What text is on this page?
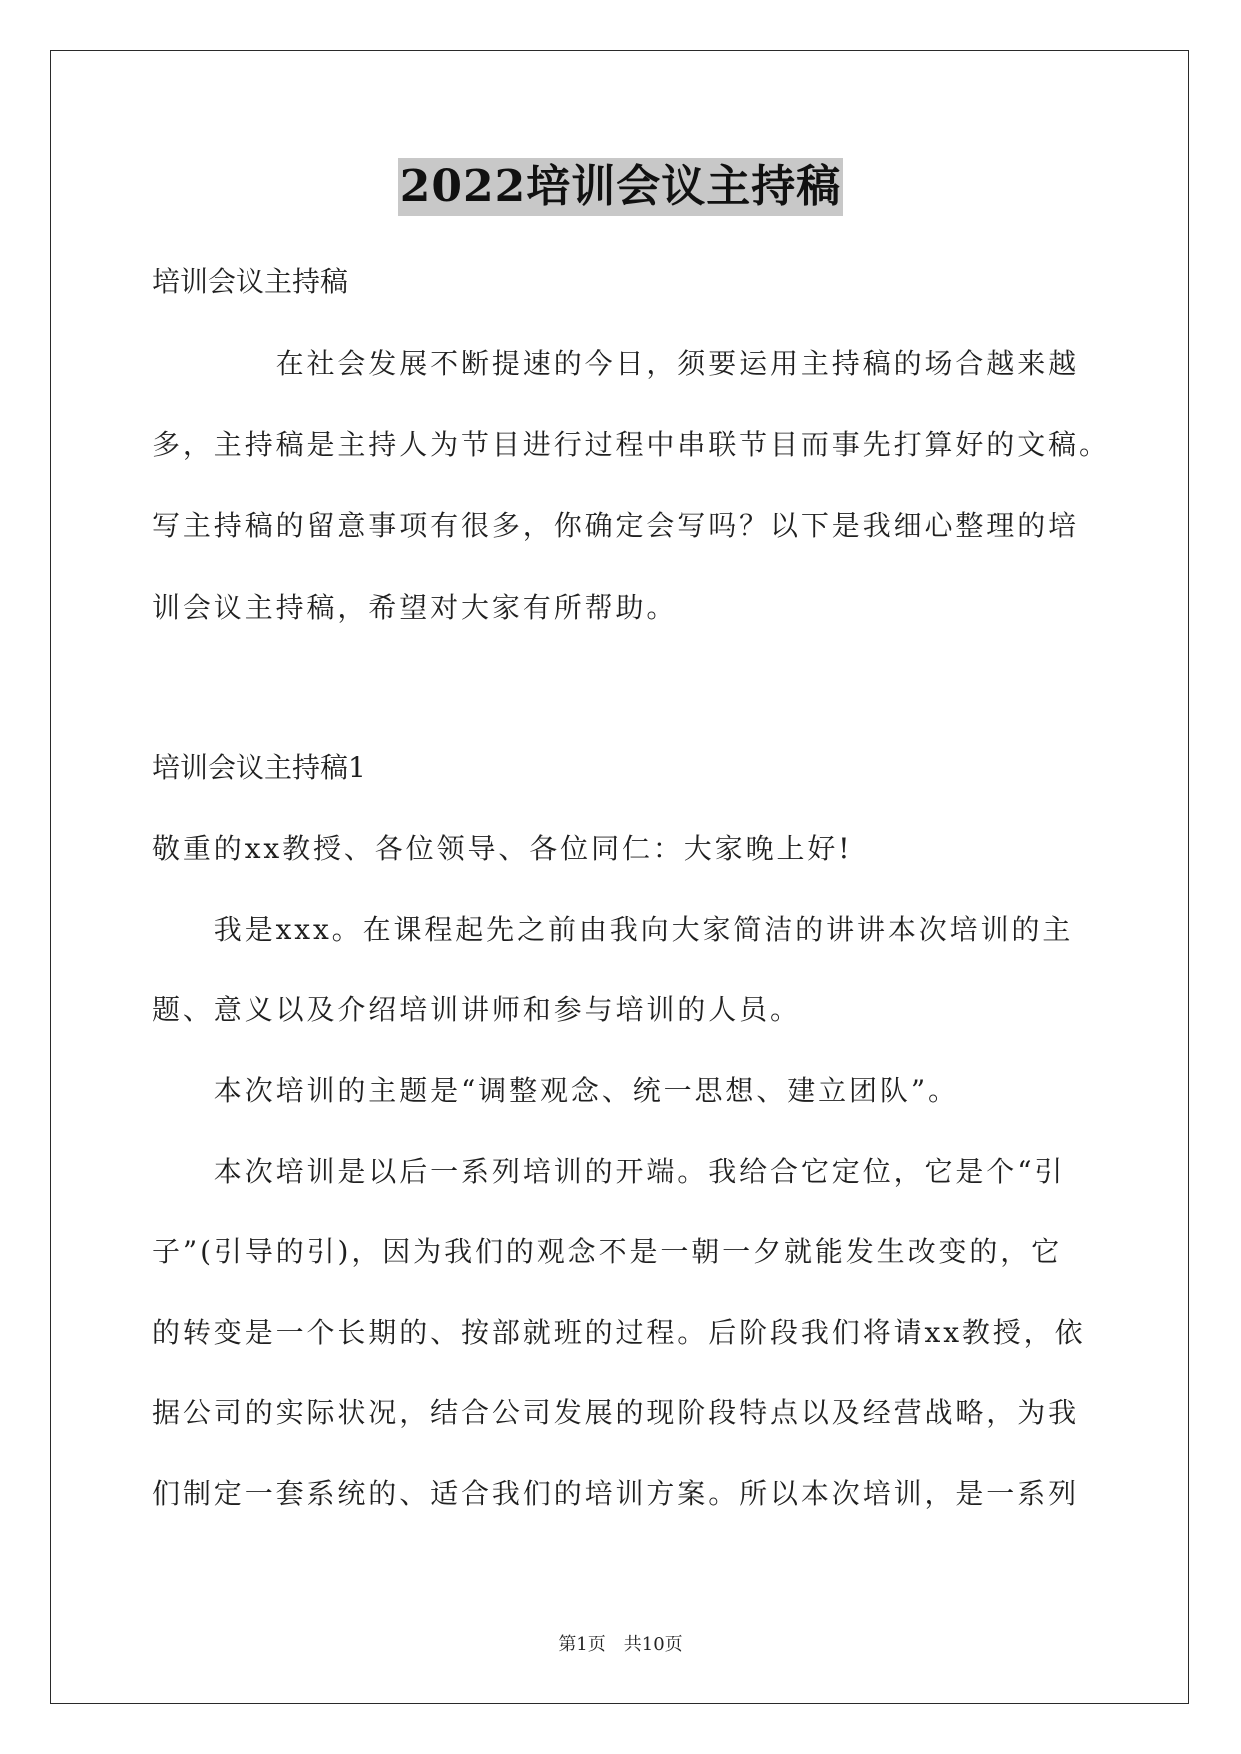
2022培训会议主持稿
培训会议主持稿
　　　　在社会发展不断提速的今日，须要运用主持稿的场合越来越
多，主持稿是主持人为节目进行过程中串联节目而事先打算好的文稿。
写主持稿的留意事项有很多，你确定会写吗？以下是我细心整理的培
训会议主持稿，希望对大家有所帮助。
培训会议主持稿1
敬重的xx教授、各位领导、各位同仁：大家晚上好!
　　我是xxx。在课程起先之前由我向大家简洁的讲讲本次培训的主
题、意义以及介绍培训讲师和参与培训的人员。
　　本次培训的主题是“调整观念、统一思想、建立团队”。
　　本次培训是以后一系列培训的开端。我给合它定位，它是个“引
子”(引导的引)，因为我们的观念不是一朝一夕就能发生改变的，它
的转变是一个长期的、按部就班的过程。后阶段我们将请xx教授，依
据公司的实际状况，结合公司发展的现阶段特点以及经营战略，为我
们制定一套系统的、适合我们的培训方案。所以本次培训，是一系列
第1页　共10页
